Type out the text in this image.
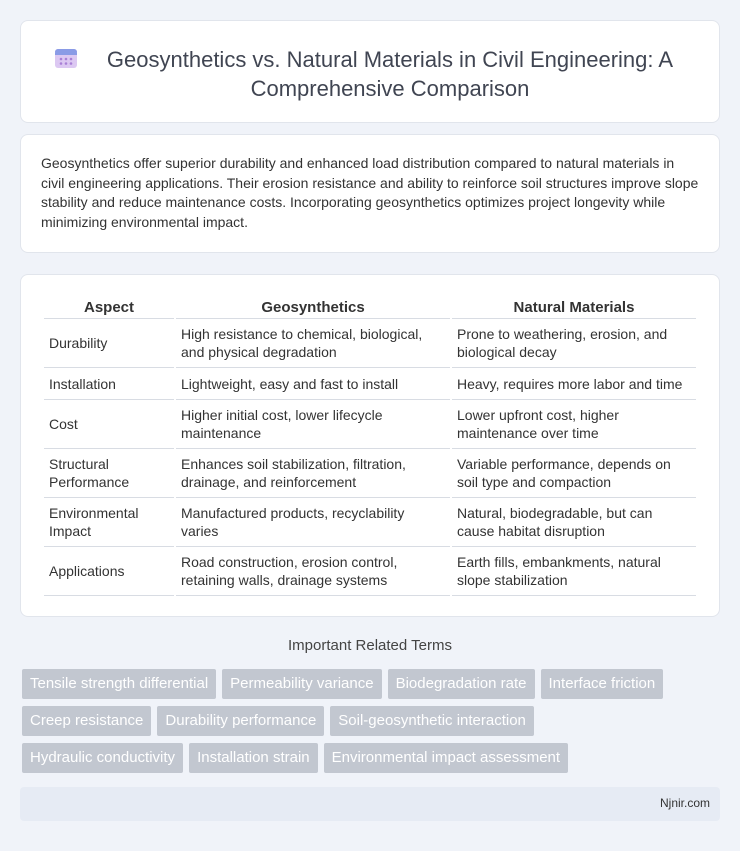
Geosynthetics vs. Natural Materials in Civil Engineering: A Comprehensive Comparison

Geosynthetics offer superior durability and enhanced load distribution compared to natural materials in civil engineering applications. Their erosion resistance and ability to reinforce soil structures improve slope stability and reduce maintenance costs. Incorporating geosynthetics optimizes project longevity while minimizing environmental impact.

Aspect	Geosynthetics	Natural Materials
Durability	High resistance to chemical, biological, and physical degradation	Prone to weathering, erosion, and biological decay
Installation	Lightweight, easy and fast to install	Heavy, requires more labor and time
Cost	Higher initial cost, lower lifecycle maintenance	Lower upfront cost, higher maintenance over time
Structural Performance	Enhances soil stabilization, filtration, drainage, and reinforcement	Variable performance, depends on soil type and compaction
Environmental Impact	Manufactured products, recyclability varies	Natural, biodegradable, but can cause habitat disruption
Applications	Road construction, erosion control, retaining walls, drainage systems	Earth fills, embankments, natural slope stabilization
Important Related Terms
Tensile strength differential	Permeability variance	Biodegradation rate	Interface friction
Creep resistance	Durability performance	Soil-geosynthetic interaction
Hydraulic conductivity	Installation strain	Environmental impact assessment
Njnir.com
